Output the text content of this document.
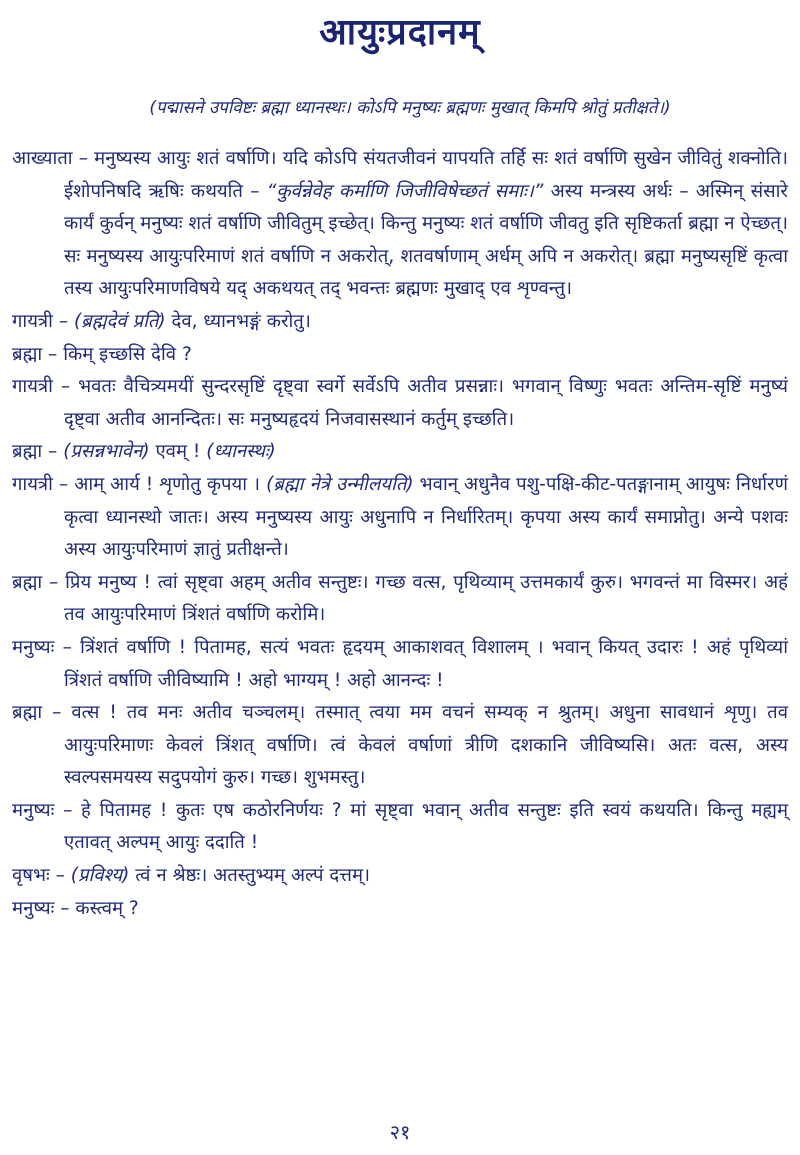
आयुःप्रदानम्
(पद्मासने उपविष्टः ब्रह्मा ध्यानस्थः। कोऽपि मनुष्यः ब्रह्मणः मुखात् किमपि श्रोतुं प्रतीक्षते।)

आख्याता – मनुष्यस्य आयुः शतं वर्षाणि। यदि कोऽपि संयतजीवनं यापयति तर्हि सः शतं वर्षाणि सुखेन जीवितुं शक्नोति। ईशोपनिषदि ऋषिः कथयति – “कुर्वन्नेवेह कर्माणि जिजीविषेच्छतं समाः।” अस्य मन्त्रस्य अर्थः – अस्मिन् संसारे कार्यं कुर्वन् मनुष्यः शतं वर्षाणि जीवितुम् इच्छेत्। किन्तु मनुष्यः शतं वर्षाणि जीवतु इति सृष्टिकर्ता ब्रह्मा न ऐच्छत्। सः मनुष्यस्य आयुःपरिमाणं शतं वर्षाणि न अकरोत्, शतवर्षाणाम् अर्धम् अपि न अकरोत्। ब्रह्मा मनुष्यसृष्टिं कृत्वा तस्य आयुःपरिमाणविषये यद् अकथयत् तद् भवन्तः ब्रह्मणः मुखाद् एव शृण्वन्तु।

गायत्री – (ब्रह्मदेवं प्रति) देव, ध्यानभङ्गं करोतु।

ब्रह्मा – किम् इच्छसि देवि ?

गायत्री – भवतः वैचित्र्यमयीं सुन्दरसृष्टिं दृष्ट्वा स्वर्गे सर्वेऽपि अतीव प्रसन्नाः। भगवान् विष्णुः भवतः अन्तिम-सृष्टिं मनुष्यं दृष्ट्वा अतीव आनन्दितः। सः मनुष्यहृदयं निजवासस्थानं कर्तुम् इच्छति।

ब्रह्मा – (प्रसन्नभावेन) एवम् ! (ध्यानस्थः)

गायत्री – आम् आर्य ! शृणोतु कृपया । (ब्रह्मा नेत्रे उन्मीलयति) भवान् अधुनैव पशु-पक्षि-कीट-पतङ्गानाम् आयुषः निर्धारणं कृत्वा ध्यानस्थो जातः। अस्य मनुष्यस्य आयुः अधुनापि न निर्धारितम्। कृपया अस्य कार्यं समाप्नोतु। अन्ये पशवः अस्य आयुःपरिमाणं ज्ञातुं प्रतीक्षन्ते।

ब्रह्मा – प्रिय मनुष्य ! त्वां सृष्ट्वा अहम् अतीव सन्तुष्टः। गच्छ वत्स, पृथिव्याम् उत्तमकार्यं कुरु। भगवन्तं मा विस्मर। अहं तव आयुःपरिमाणं त्रिंशतं वर्षाणि करोमि।

मनुष्यः – त्रिंशतं वर्षाणि ! पितामह, सत्यं भवतः हृदयम् आकाशवत् विशालम् । भवान् कियत् उदारः ! अहं पृथिव्यां त्रिंशतं वर्षाणि जीविष्यामि ! अहो भाग्यम् ! अहो आनन्दः !

ब्रह्मा – वत्स ! तव मनः अतीव चञ्चलम्। तस्मात् त्वया मम वचनं सम्यक् न श्रुतम्। अधुना सावधानं शृणु। तव आयुःपरिमाणः केवलं त्रिंशत् वर्षाणि। त्वं केवलं वर्षाणां त्रीणि दशकानि जीविष्यसि। अतः वत्स, अस्य स्वल्पसमयस्य सदुपयोगं कुरु। गच्छ। शुभमस्तु।

मनुष्यः – हे पितामह ! कुतः एष कठोरनिर्णयः ? मां सृष्ट्वा भवान् अतीव सन्तुष्टः इति स्वयं कथयति। किन्तु मह्यम् एतावत् अल्पम् आयुः ददाति !

वृषभः – (प्रविश्य) त्वं न श्रेष्ठः। अतस्तुभ्यम् अल्पं दत्तम्।

मनुष्यः – कस्त्वम् ?

२१
